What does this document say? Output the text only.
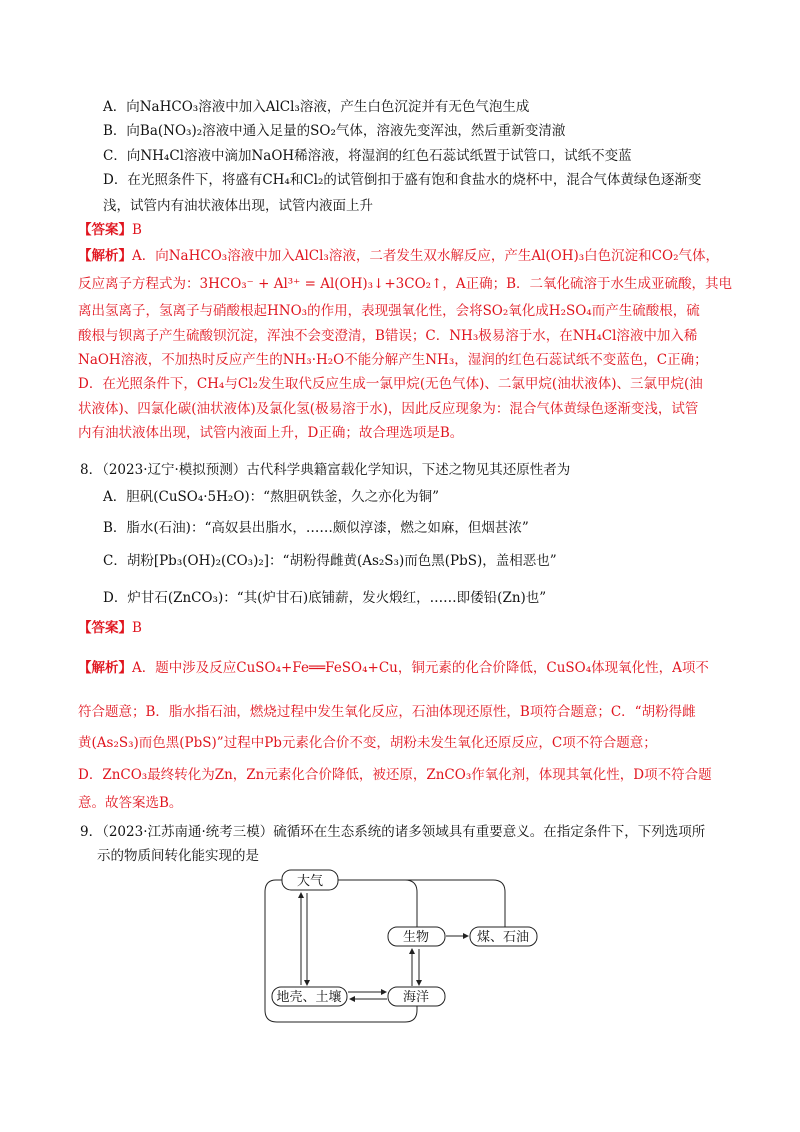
A．向NaHCO₃溶液中加入AlCl₃溶液，产生白色沉淀并有无色气泡生成
B．向Ba(NO₃)₂溶液中通入足量的SO₂气体，溶液先变浑浊，然后重新变清澈
C．向NH₄Cl溶液中滴加NaOH稀溶液，将湿润的红色石蕊试纸置于试管口，试纸不变蓝
D．在光照条件下，将盛有CH₄和Cl₂的试管倒扣于盛有饱和食盐水的烧杯中，混合气体黄绿色逐渐变
浅，试管内有油状液体出现，试管内液面上升
【答案】B
【解析】A．向NaHCO₃溶液中加入AlCl₃溶液，二者发生双水解反应，产生Al(OH)₃白色沉淀和CO₂气体，
反应离子方程式为：3HCO₃⁻ + Al³⁺ = Al(OH)₃↓+3CO₂↑，A正确；B．二氧化硫溶于水生成亚硫酸，其电
离出氢离子，氢离子与硝酸根起HNO₃的作用，表现强氧化性，会将SO₂氧化成H₂SO₄而产生硫酸根，硫
酸根与钡离子产生硫酸钡沉淀，浑浊不会变澄清，B错误；C．NH₃极易溶于水，在NH₄Cl溶液中加入稀
NaOH溶液，不加热时反应产生的NH₃·H₂O不能分解产生NH₃，湿润的红色石蕊试纸不变蓝色，C正确；
D．在光照条件下，CH₄与Cl₂发生取代反应生成一氯甲烷(无色气体)、二氯甲烷(油状液体)、三氯甲烷(油
状液体)、四氯化碳(油状液体)及氯化氢(极易溶于水)，因此反应现象为：混合气体黄绿色逐渐变浅，试管
内有油状液体出现，试管内液面上升，D正确；故合理选项是B。
8．（2023·辽宁·模拟预测）古代科学典籍富载化学知识，下述之物见其还原性者为
A．胆矾(CuSO₄·5H₂O)：“熬胆矾铁釜，久之亦化为铜”
B．脂水(石油)：“高奴县出脂水，……颇似淳漆，燃之如麻，但烟甚浓”
C．胡粉[Pb₃(OH)₂(CO₃)₂]：“胡粉得雌黄(As₂S₃)而色黑(PbS)，盖相恶也”
D．炉甘石(ZnCO₃)：“其(炉甘石)底铺薪，发火煅红，……即倭铅(Zn)也”
【答案】B
【解析】A．题中涉及反应CuSO₄+Fe══FeSO₄+Cu，铜元素的化合价降低，CuSO₄体现氧化性，A项不
符合题意；B．脂水指石油，燃烧过程中发生氧化反应，石油体现还原性，B项符合题意；C．“胡粉得雌
黄(As₂S₃)而色黑(PbS)”过程中Pb元素化合价不变，胡粉未发生氧化还原反应，C项不符合题意；
D．ZnCO₃最终转化为Zn，Zn元素化合价降低，被还原，ZnCO₃作氧化剂，体现其氧化性，D项不符合题
意。故答案选B。
9．（2023·江苏南通·统考三模）硫循环在生态系统的诸多领域具有重要意义。在指定条件下，下列选项所
示的物质间转化能实现的是
大气
生物	煤、石油
地壳、土壤	海洋
